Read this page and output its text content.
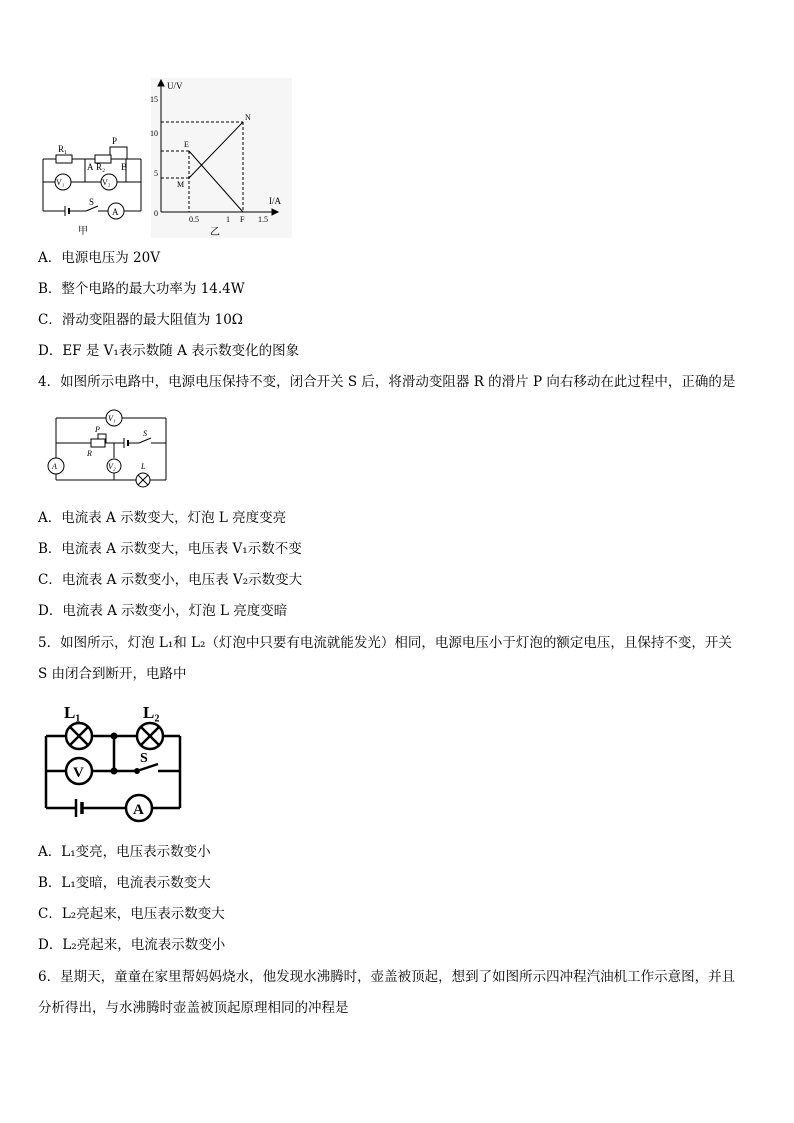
R₁
R₂
P
A	B
V₁	V₂
S
A
甲
U/V
I/A
15
10
5
0
0.5	1 F 1.5
E
M
N
乙
A．电源电压为 20V
B．整个电路的最大功率为 14.4W
C．滑动变阻器的最大阻值为 10Ω
D．EF 是 V₁表示数随 A 表示数变化的图象
4．如图所示电路中，电源电压保持不变，闭合开关 S 后，将滑动变阻器 R 的滑片 P 向右移动在此过程中，正确的是
V₁
V₂
A
P
R
S
L
A．电流表 A 示数变大，灯泡 L 亮度变亮
B．电流表 A 示数变大，电压表 V₁示数不变
C．电流表 A 示数变小，电压表 V₂示数变大
D．电流表 A 示数变小，灯泡 L 亮度变暗
5．如图所示，灯泡 L₁和 L₂（灯泡中只要有电流就能发光）相同，电源电压小于灯泡的额定电压，且保持不变，开关
S 由闭合到断开，电路中
L₁	L₂
V
S
A
A．L₁变亮，电压表示数变小
B．L₁变暗，电流表示数变大
C．L₂亮起来，电压表示数变大
D．L₂亮起来，电流表示数变小
6．星期天，童童在家里帮妈妈烧水，他发现水沸腾时，壶盖被顶起，想到了如图所示四冲程汽油机工作示意图，并且
分析得出，与水沸腾时壶盖被顶起原理相同的冲程是
